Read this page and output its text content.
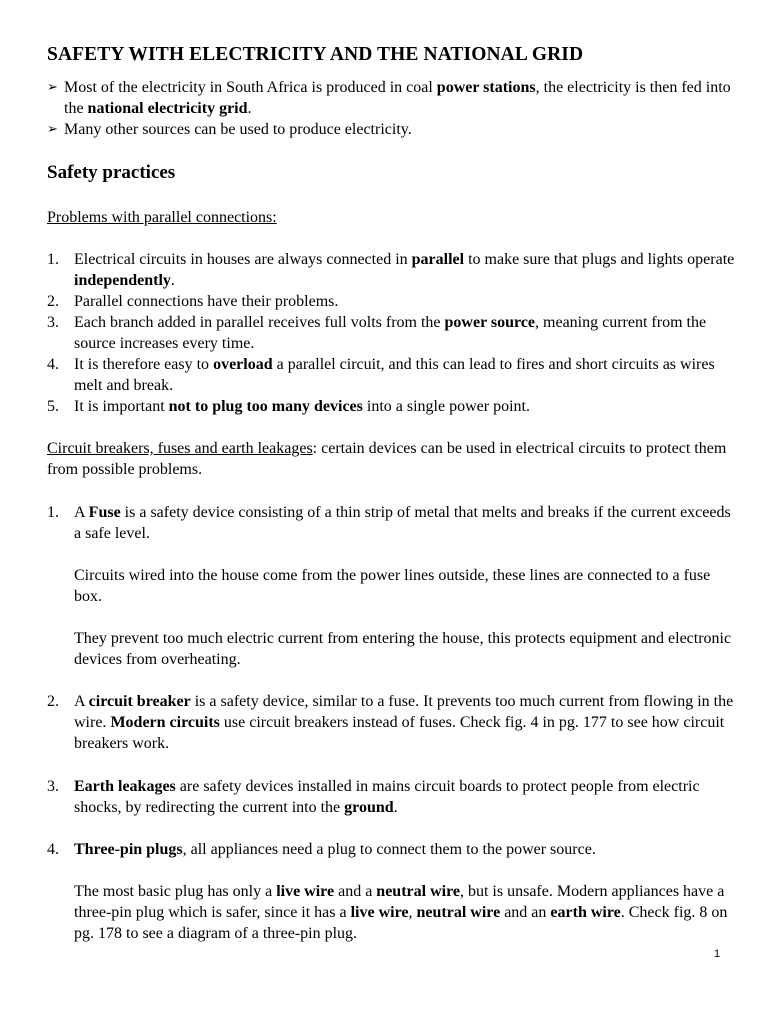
SAFETY WITH ELECTRICITY AND THE NATIONAL GRID
➢ Most of the electricity in South Africa is produced in coal power stations, the electricity is then fed into the national electricity grid.
➢ Many other sources can be used to produce electricity.
Safety practices
Problems with parallel connections:
1. Electrical circuits in houses are always connected in parallel to make sure that plugs and lights operate independently.
2. Parallel connections have their problems.
3. Each branch added in parallel receives full volts from the power source, meaning current from the source increases every time.
4. It is therefore easy to overload a parallel circuit, and this can lead to fires and short circuits as wires melt and break.
5. It is important not to plug too many devices into a single power point.
Circuit breakers, fuses and earth leakages: certain devices can be used in electrical circuits to protect them from possible problems.
1. A Fuse is a safety device consisting of a thin strip of metal that melts and breaks if the current exceeds a safe level.
Circuits wired into the house come from the power lines outside, these lines are connected to a fuse box.
They prevent too much electric current from entering the house, this protects equipment and electronic devices from overheating.
2. A circuit breaker is a safety device, similar to a fuse. It prevents too much current from flowing in the wire. Modern circuits use circuit breakers instead of fuses. Check fig. 4 in pg. 177 to see how circuit breakers work.
3. Earth leakages are safety devices installed in mains circuit boards to protect people from electric shocks, by redirecting the current into the ground.
4. Three-pin plugs, all appliances need a plug to connect them to the power source.
The most basic plug has only a live wire and a neutral wire, but is unsafe. Modern appliances have a three-pin plug which is safer, since it has a live wire, neutral wire and an earth wire. Check fig. 8 on pg. 178 to see a diagram of a three-pin plug.
1
